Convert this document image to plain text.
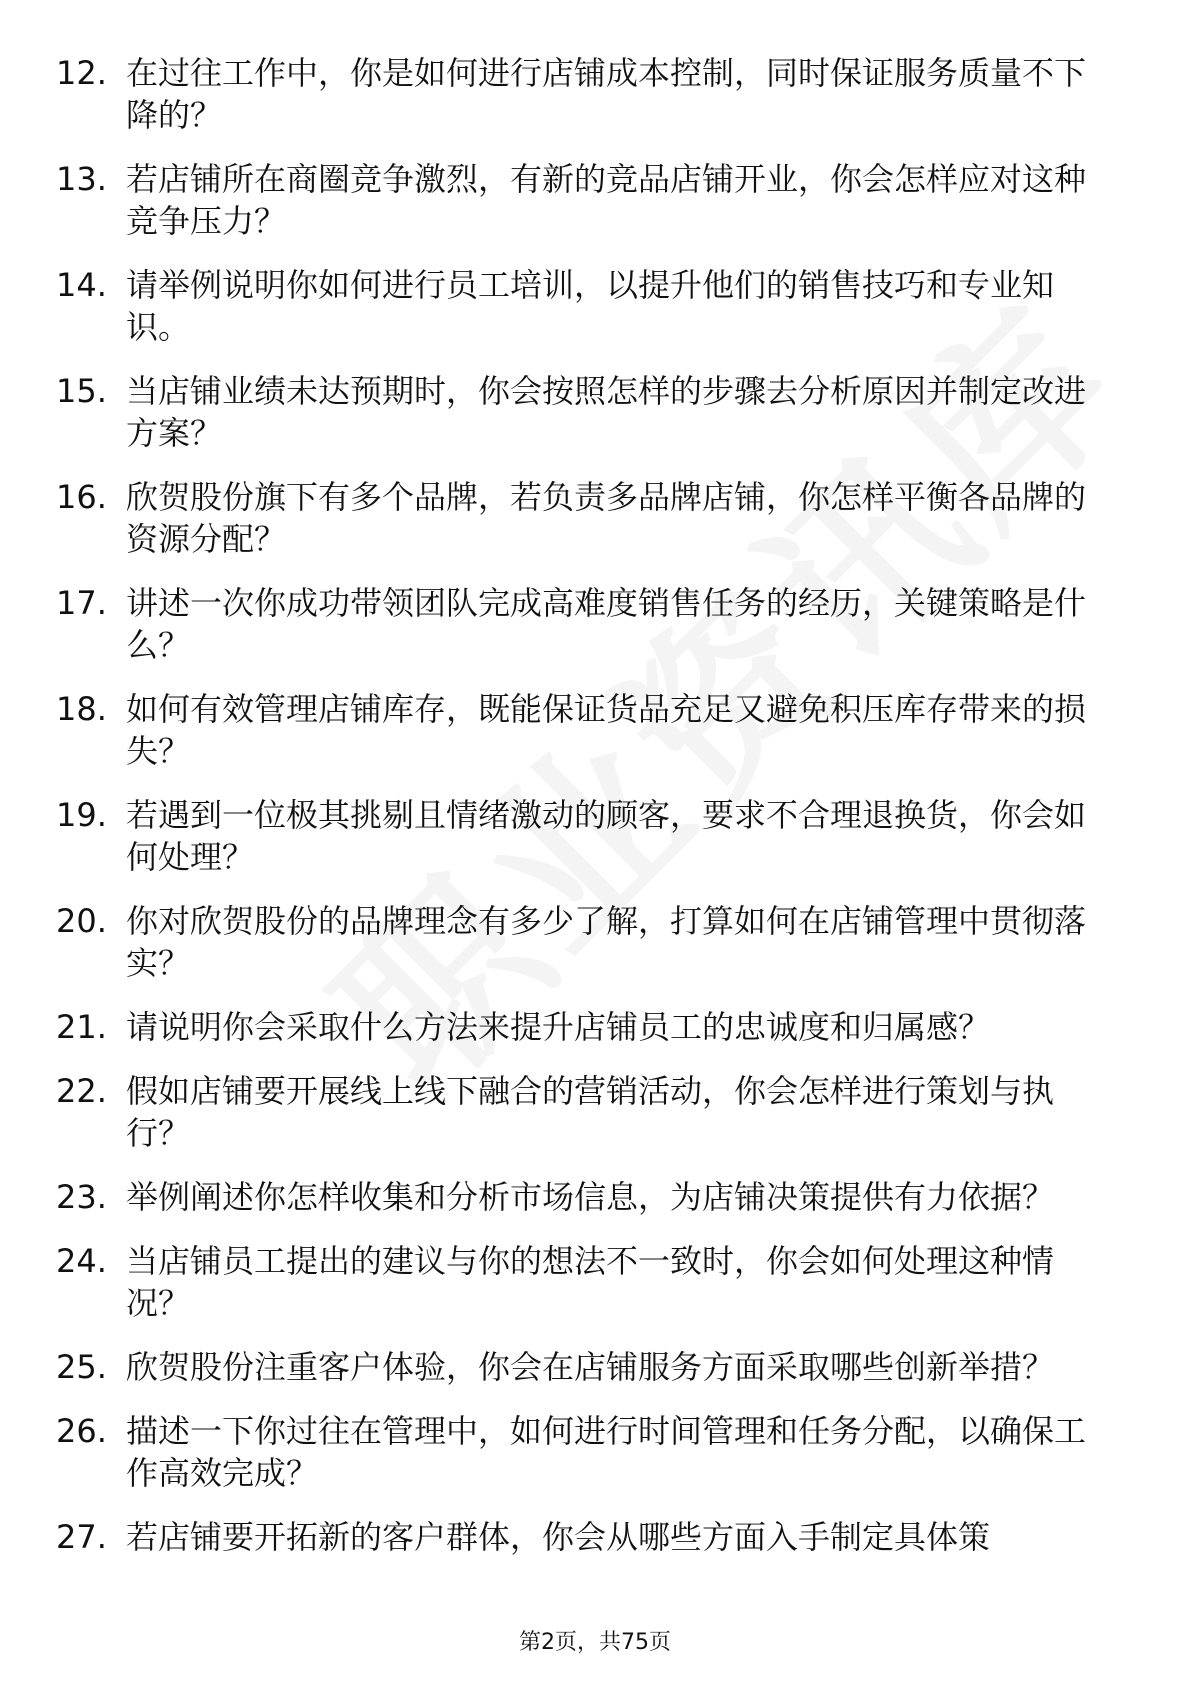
12. 在过往工作中，你是如何进行店铺成本控制，同时保证服务质量不下降的？
13. 若店铺所在商圈竞争激烈，有新的竞品店铺开业，你会怎样应对这种竞争压力？
14. 请举例说明你如何进行员工培训，以提升他们的销售技巧和专业知识。
15. 当店铺业绩未达预期时，你会按照怎样的步骤去分析原因并制定改进方案？
16. 欣贺股份旗下有多个品牌，若负责多品牌店铺，你怎样平衡各品牌的资源分配？
17. 讲述一次你成功带领团队完成高难度销售任务的经历，关键策略是什么？
18. 如何有效管理店铺库存，既能保证货品充足又避免积压库存带来的损失？
19. 若遇到一位极其挑剔且情绪激动的顾客，要求不合理退换货，你会如何处理？
20. 你对欣贺股份的品牌理念有多少了解，打算如何在店铺管理中贯彻落实？
21. 请说明你会采取什么方法来提升店铺员工的忠诚度和归属感？
22. 假如店铺要开展线上线下融合的营销活动，你会怎样进行策划与执行？
23. 举例阐述你怎样收集和分析市场信息，为店铺决策提供有力依据？
24. 当店铺员工提出的建议与你的想法不一致时，你会如何处理这种情况？
25. 欣贺股份注重客户体验，你会在店铺服务方面采取哪些创新举措？
26. 描述一下你过往在管理中，如何进行时间管理和任务分配，以确保工作高效完成？
27. 若店铺要开拓新的客户群体，你会从哪些方面入手制定具体策
第2页，共75页
